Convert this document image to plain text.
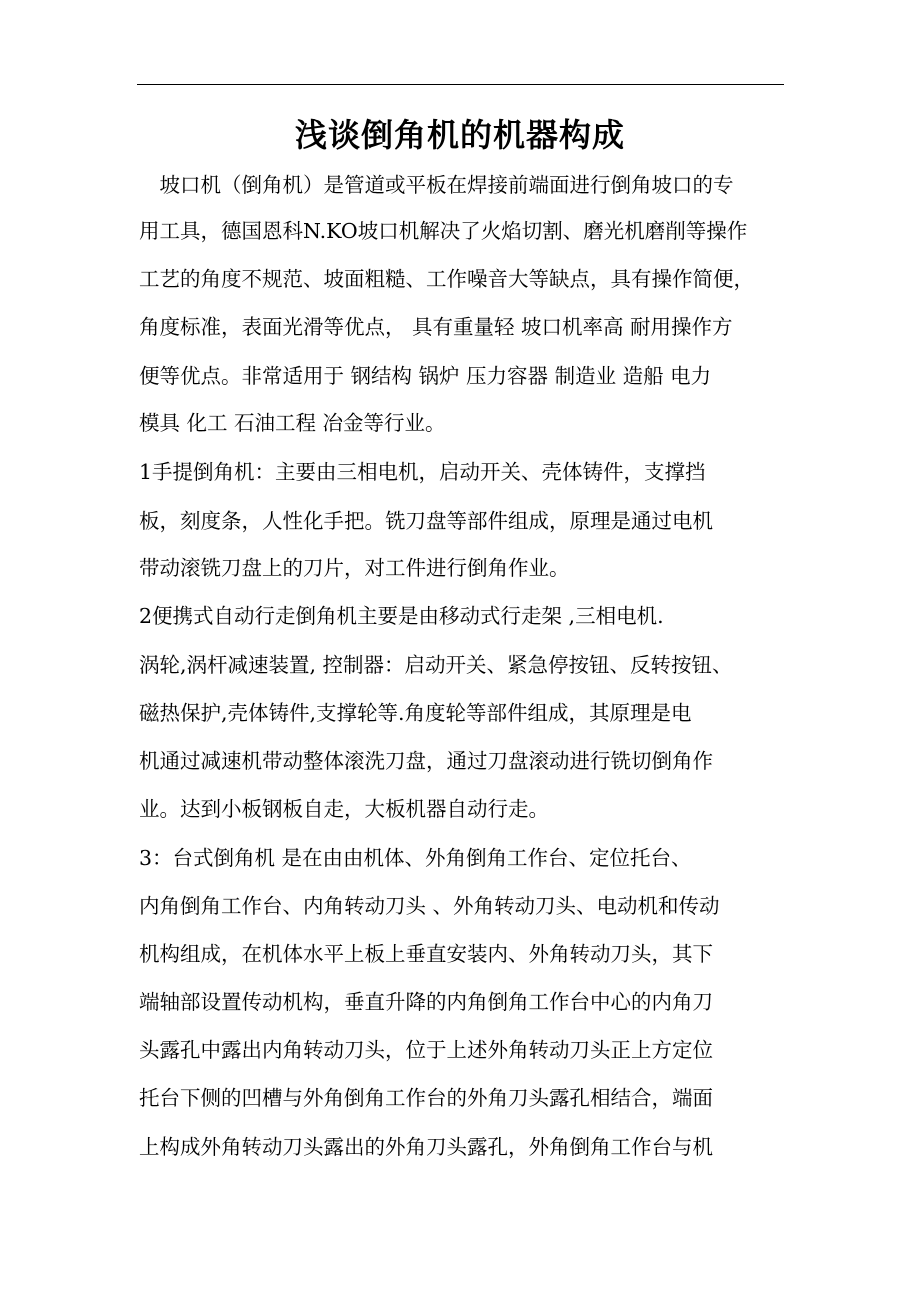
浅谈倒角机的机器构成
　坡口机（倒角机）是管道或平板在焊接前端面进行倒角坡口的专
用工具，德国恩科N.KO坡口机解决了火焰切割、磨光机磨削等操作
工艺的角度不规范、坡面粗糙、工作噪音大等缺点，具有操作简便，
角度标准，表面光滑等优点， 具有重量轻 坡口机率高 耐用操作方
便等优点。非常适用于 钢结构 锅炉 压力容器 制造业 造船 电力
模具 化工 石油工程 冶金等行业。
1手提倒角机：主要由三相电机，启动开关、壳体铸件，支撑挡
板，刻度条，人性化手把。铣刀盘等部件组成，原理是通过电机
带动滚铣刀盘上的刀片，对工件进行倒角作业。
2便携式自动行走倒角机主要是由移动式行走架 ,三相电机.
涡轮,涡杆减速装置, 控制器：启动开关、紧急停按钮、反转按钮、
磁热保护,壳体铸件,支撑轮等.角度轮等部件组成，其原理是电
机通过减速机带动整体滚洗刀盘，通过刀盘滚动进行铣切倒角作
业。达到小板钢板自走，大板机器自动行走。
3：台式倒角机 是在由由机体、外角倒角工作台、定位托台、
内角倒角工作台、内角转动刀头 、外角转动刀头、电动机和传动
机构组成，在机体水平上板上垂直安装内、外角转动刀头，其下
端轴部设置传动机构，垂直升降的内角倒角工作台中心的内角刀
头露孔中露出内角转动刀头，位于上述外角转动刀头正上方定位
托台下侧的凹槽与外角倒角工作台的外角刀头露孔相结合，端面
上构成外角转动刀头露出的外角刀头露孔，外角倒角工作台与机
